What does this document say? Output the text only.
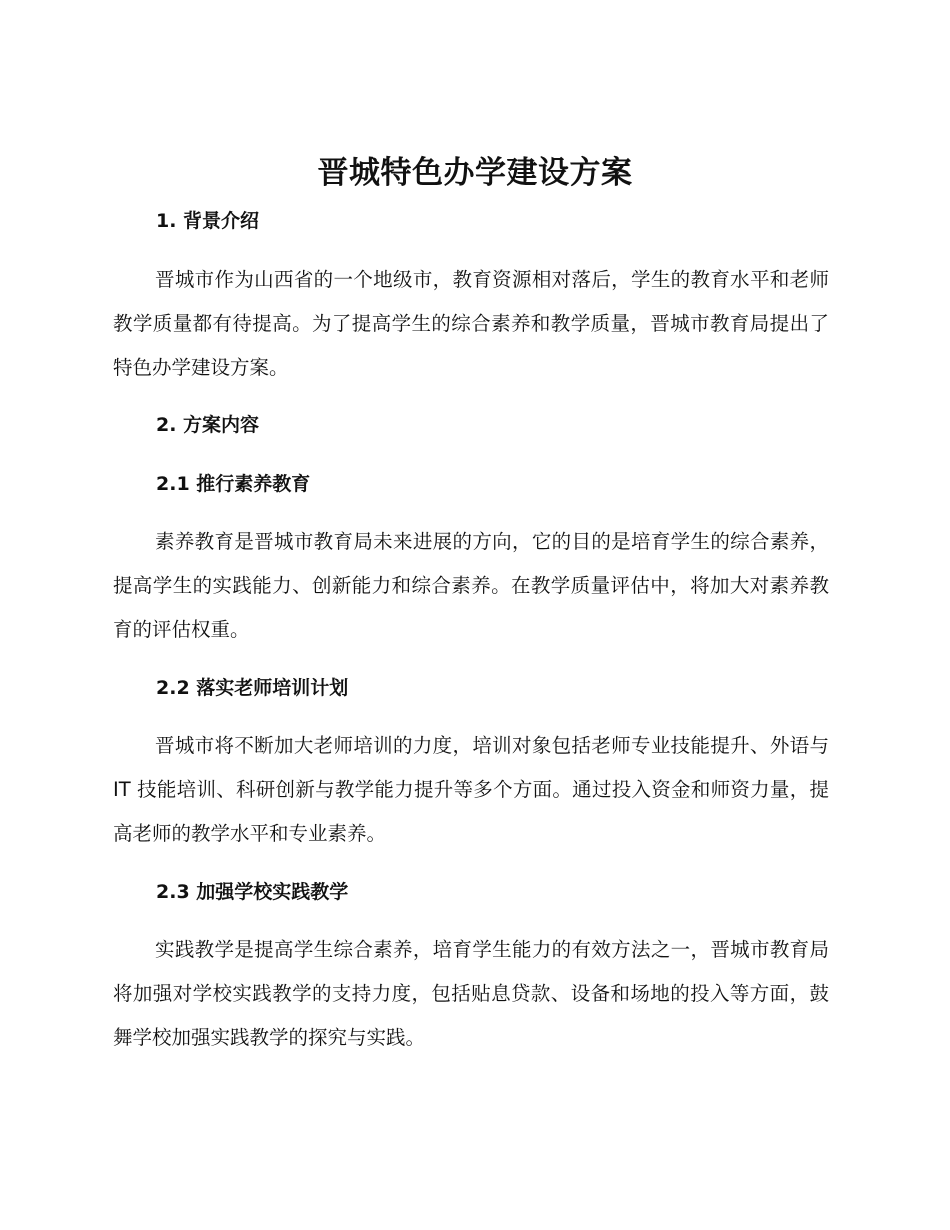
晋城特色办学建设方案
1. 背景介绍

晋城市作为山西省的一个地级市，教育资源相对落后，学生的教育水平和老师教学质量都有待提高。为了提高学生的综合素养和教学质量，晋城市教育局提出了特色办学建设方案。

2. 方案内容
2.1 推行素养教育

素养教育是晋城市教育局未来进展的方向，它的目的是培育学生的综合素养，提高学生的实践能力、创新能力和综合素养。在教学质量评估中，将加大对素养教育的评估权重。

2.2 落实老师培训计划

晋城市将不断加大老师培训的力度，培训对象包括老师专业技能提升、外语与 IT 技能培训、科研创新与教学能力提升等多个方面。通过投入资金和师资力量，提高老师的教学水平和专业素养。

2.3 加强学校实践教学

实践教学是提高学生综合素养，培育学生能力的有效方法之一，晋城市教育局将加强对学校实践教学的支持力度，包括贴息贷款、设备和场地的投入等方面，鼓舞学校加强实践教学的探究与实践。
